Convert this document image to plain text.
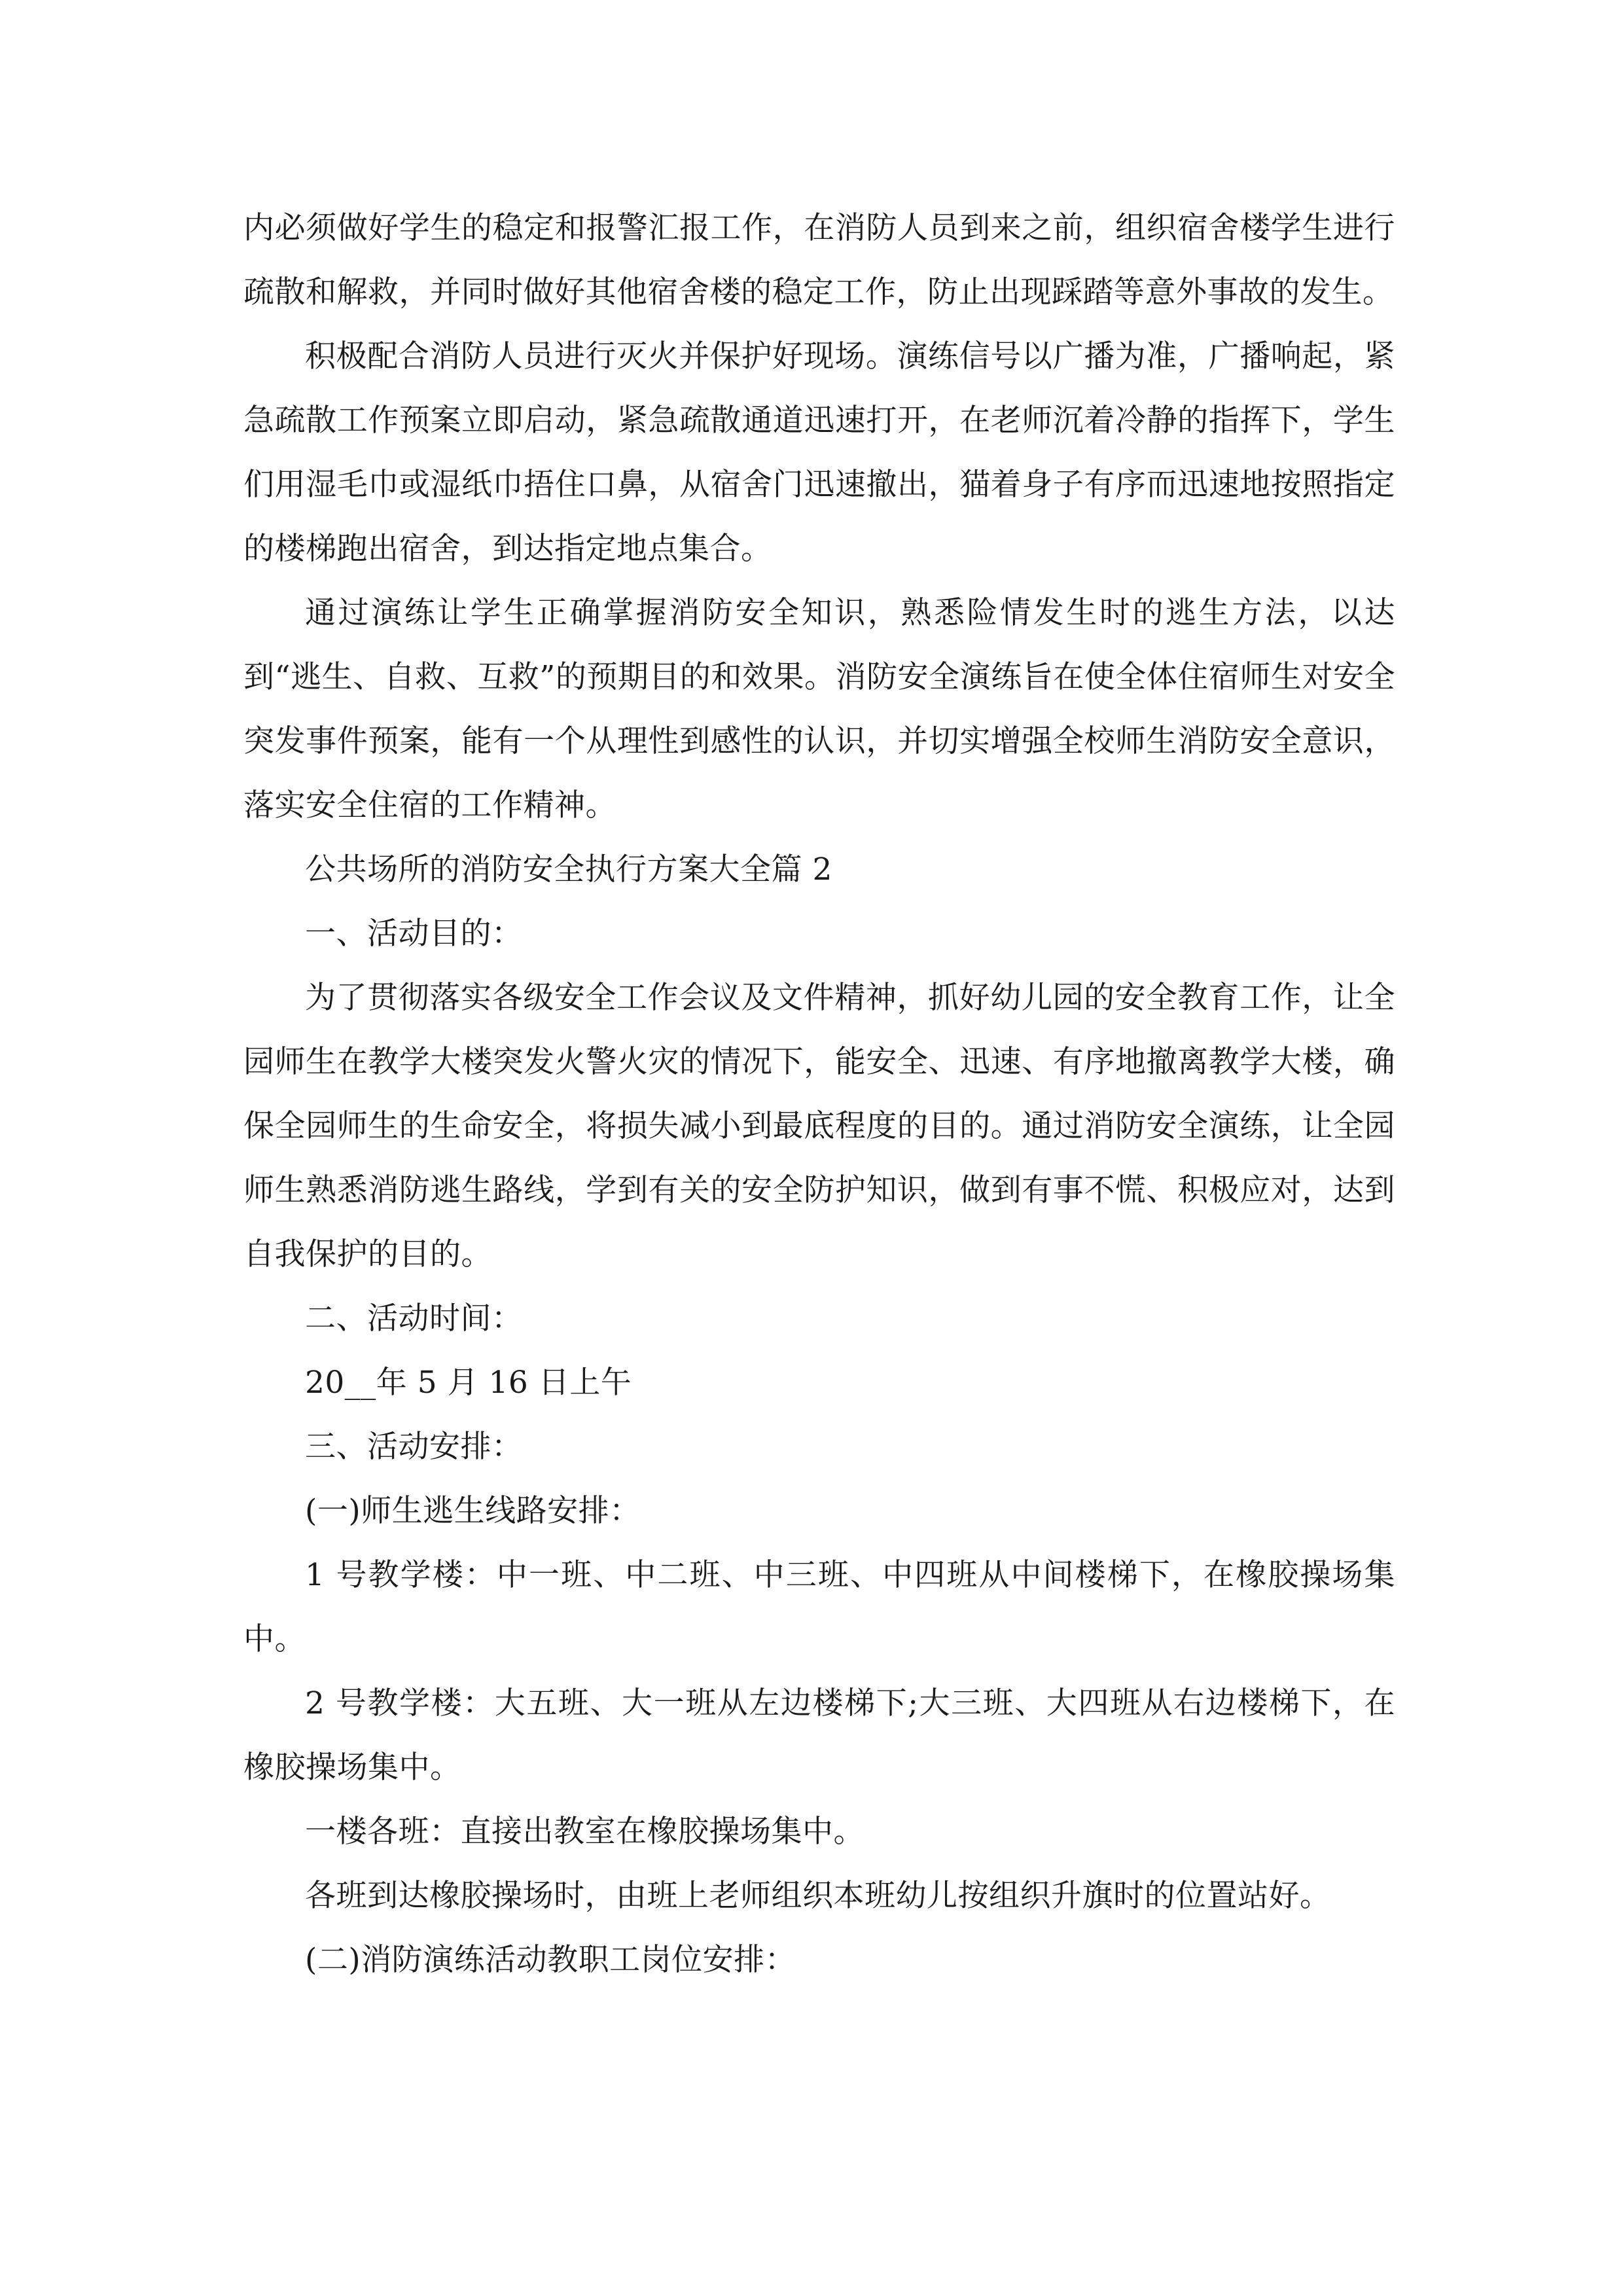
内必须做好学生的稳定和报警汇报工作，在消防人员到来之前，组织宿舍楼学生进行疏散和解救，并同时做好其他宿舍楼的稳定工作，防止出现踩踏等意外事故的发生。

积极配合消防人员进行灭火并保护好现场。演练信号以广播为准，广播响起，紧急疏散工作预案立即启动，紧急疏散通道迅速打开，在老师沉着冷静的指挥下，学生们用湿毛巾或湿纸巾捂住口鼻，从宿舍门迅速撤出，猫着身子有序而迅速地按照指定的楼梯跑出宿舍，到达指定地点集合。

通过演练让学生正确掌握消防安全知识，熟悉险情发生时的逃生方法，以达到“逃生、自救、互救”的预期目的和效果。消防安全演练旨在使全体住宿师生对安全突发事件预案，能有一个从理性到感性的认识，并切实增强全校师生消防安全意识，落实安全住宿的工作精神。

公共场所的消防安全执行方案大全篇 2

一、活动目的：

为了贯彻落实各级安全工作会议及文件精神，抓好幼儿园的安全教育工作，让全园师生在教学大楼突发火警火灾的情况下，能安全、迅速、有序地撤离教学大楼，确保全园师生的生命安全，将损失减小到最底程度的目的。通过消防安全演练，让全园师生熟悉消防逃生路线，学到有关的安全防护知识，做到有事不慌、积极应对，达到自我保护的目的。

二、活动时间：

20__年 5 月 16 日上午

三、活动安排：

(一)师生逃生线路安排：

1 号教学楼：中一班、中二班、中三班、中四班从中间楼梯下，在橡胶操场集中。

2 号教学楼：大五班、大一班从左边楼梯下;大三班、大四班从右边楼梯下，在橡胶操场集中。

一楼各班：直接出教室在橡胶操场集中。

各班到达橡胶操场时，由班上老师组织本班幼儿按组织升旗时的位置站好。

(二)消防演练活动教职工岗位安排：
